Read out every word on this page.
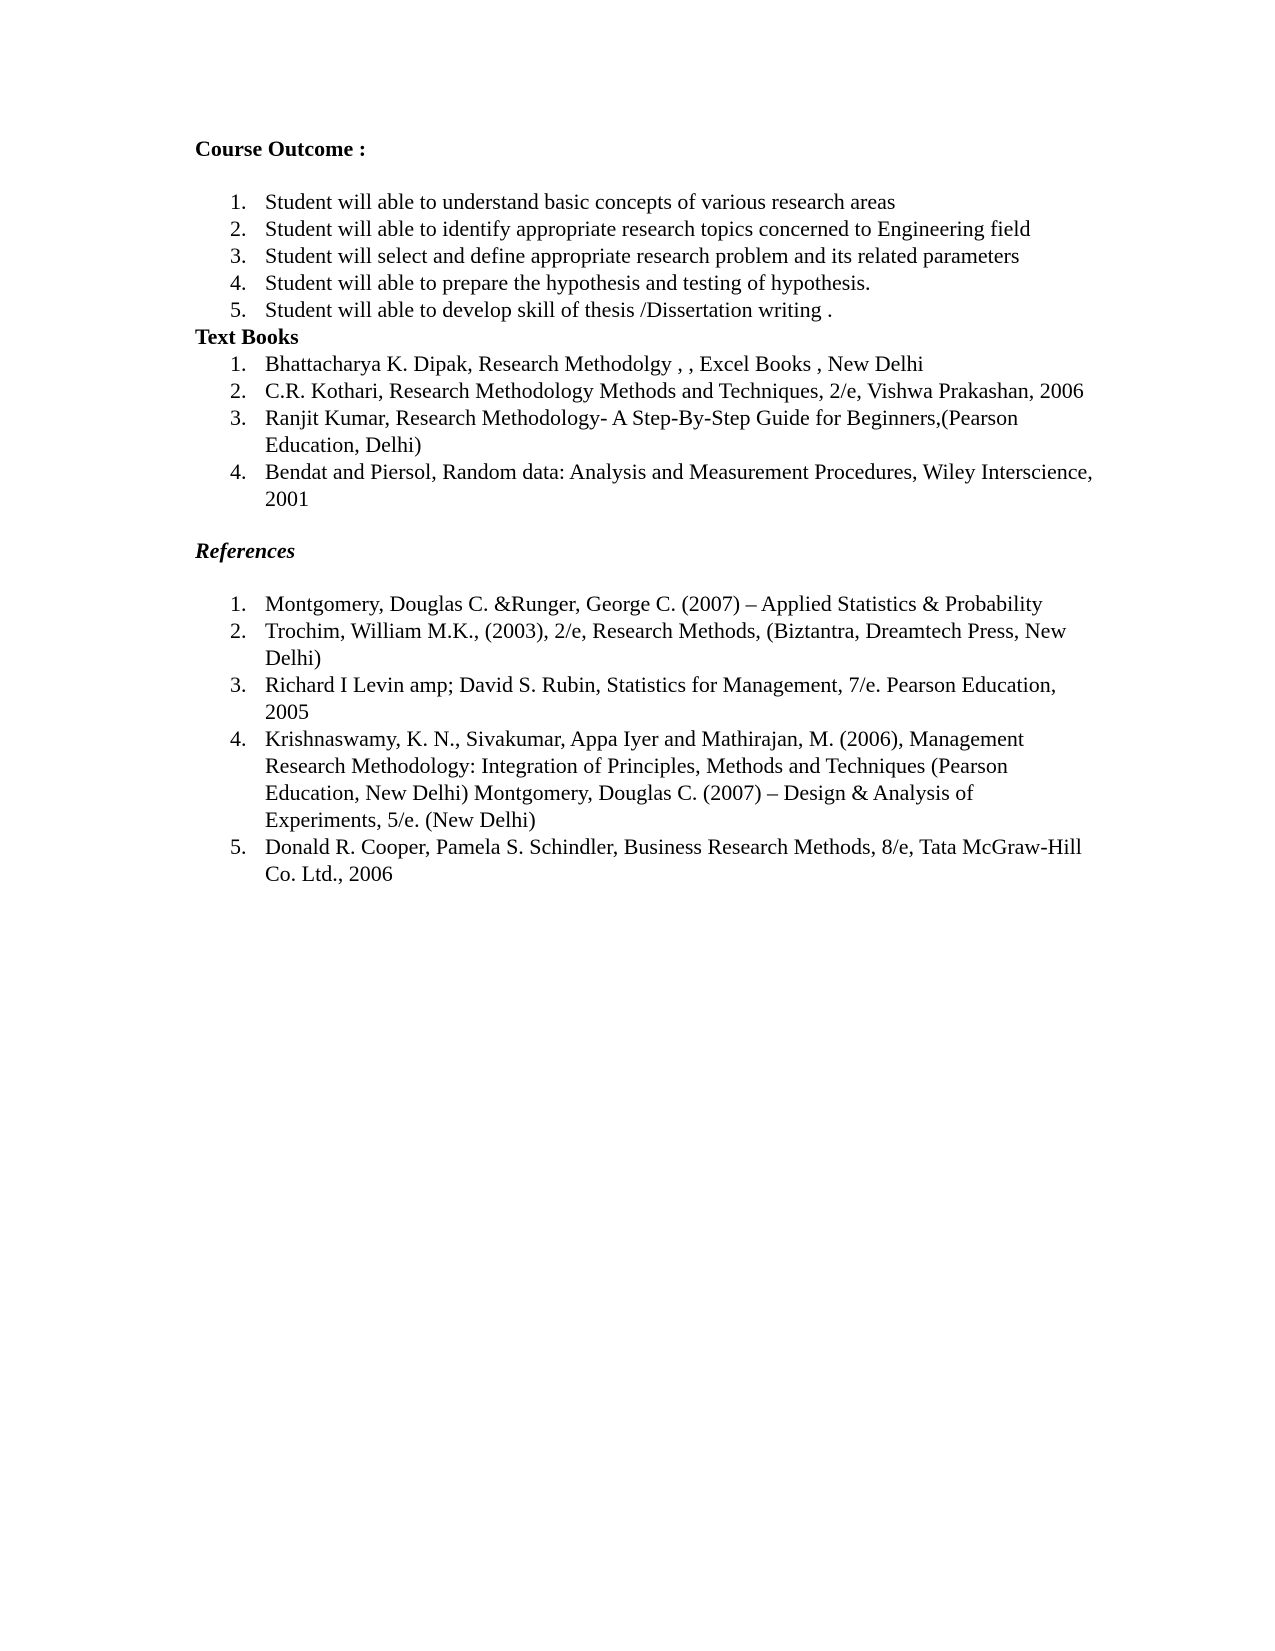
Course Outcome :

1. Student will able to understand basic concepts of various research areas
2. Student will able to identify appropriate research topics concerned to Engineering field
3. Student will select and define appropriate research problem and its related parameters
4. Student will able to prepare the hypothesis and testing of hypothesis.
5. Student will able to develop skill of thesis /Dissertation writing .

Text Books

1. Bhattacharya K. Dipak, Research Methodolgy , , Excel Books , New Delhi
2. C.R. Kothari, Research Methodology Methods and Techniques, 2/e, Vishwa Prakashan, 2006
3. Ranjit Kumar, Research Methodology- A Step-By-Step Guide for Beginners,(Pearson Education, Delhi)
4. Bendat and Piersol, Random data: Analysis and Measurement Procedures, Wiley Interscience, 2001

References

1. Montgomery, Douglas C. &Runger, George C. (2007) – Applied Statistics & Probability
2. Trochim, William M.K., (2003), 2/e, Research Methods, (Biztantra, Dreamtech Press, New Delhi)
3. Richard I Levin amp; David S. Rubin, Statistics for Management, 7/e. Pearson Education, 2005
4. Krishnaswamy, K. N., Sivakumar, Appa Iyer and Mathirajan, M. (2006), Management Research Methodology: Integration of Principles, Methods and Techniques (Pearson Education, New Delhi) Montgomery, Douglas C. (2007) – Design & Analysis of Experiments, 5/e. (New Delhi)
5. Donald R. Cooper, Pamela S. Schindler, Business Research Methods, 8/e, Tata McGraw-Hill Co. Ltd., 2006
